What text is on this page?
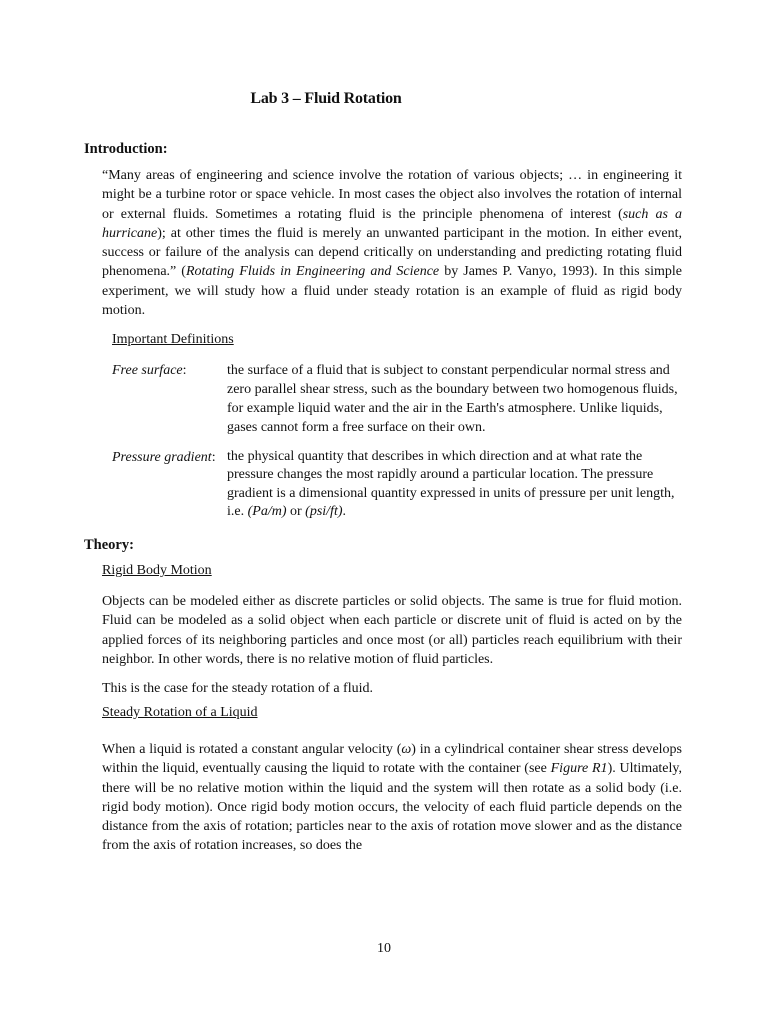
Lab 3 – Fluid Rotation
Introduction:

“Many areas of engineering and science involve the rotation of various objects; … in engineering it might be a turbine rotor or space vehicle. In most cases the object also involves the rotation of internal or external fluids. Sometimes a rotating fluid is the principle phenomena of interest (such as a hurricane); at other times the fluid is merely an unwanted participant in the motion. In either event, success or failure of the analysis can depend critically on understanding and predicting rotating fluid phenomena.” (Rotating Fluids in Engineering and Science by James P. Vanyo, 1993). In this simple experiment, we will study how a fluid under steady rotation is an example of fluid as rigid body motion.

Important Definitions
Free surface:	the surface of a fluid that is subject to constant perpendicular normal stress and zero parallel shear stress, such as the boundary between two homogenous fluids, for example liquid water and the air in the Earth's atmosphere. Unlike liquids, gases cannot form a free surface on their own.
Pressure gradient: the physical quantity that describes in which direction and at what rate the pressure changes the most rapidly around a particular location. The pressure gradient is a dimensional quantity expressed in units of pressure per unit length, i.e. (Pa/m) or (psi/ft).
Theory:
Rigid Body Motion
Objects can be modeled either as discrete particles or solid objects. The same is true for fluid motion. Fluid can be modeled as a solid object when each particle or discrete unit of fluid is acted on by the applied forces of its neighboring particles and once most (or all) particles reach equilibrium with their neighbor. In other words, there is no relative motion of fluid particles.
This is the case for the steady rotation of a fluid.
Steady Rotation of a Liquid

When a liquid is rotated a constant angular velocity (ω) in a cylindrical container shear stress develops within the liquid, eventually causing the liquid to rotate with the container (see Figure R1). Ultimately, there will be no relative motion within the liquid and the system will then rotate as a solid body (i.e. rigid body motion). Once rigid body motion occurs, the velocity of each fluid particle depends on the distance from the axis of rotation; particles near to the axis of rotation move slower and as the distance from the axis of rotation increases, so does the

10
